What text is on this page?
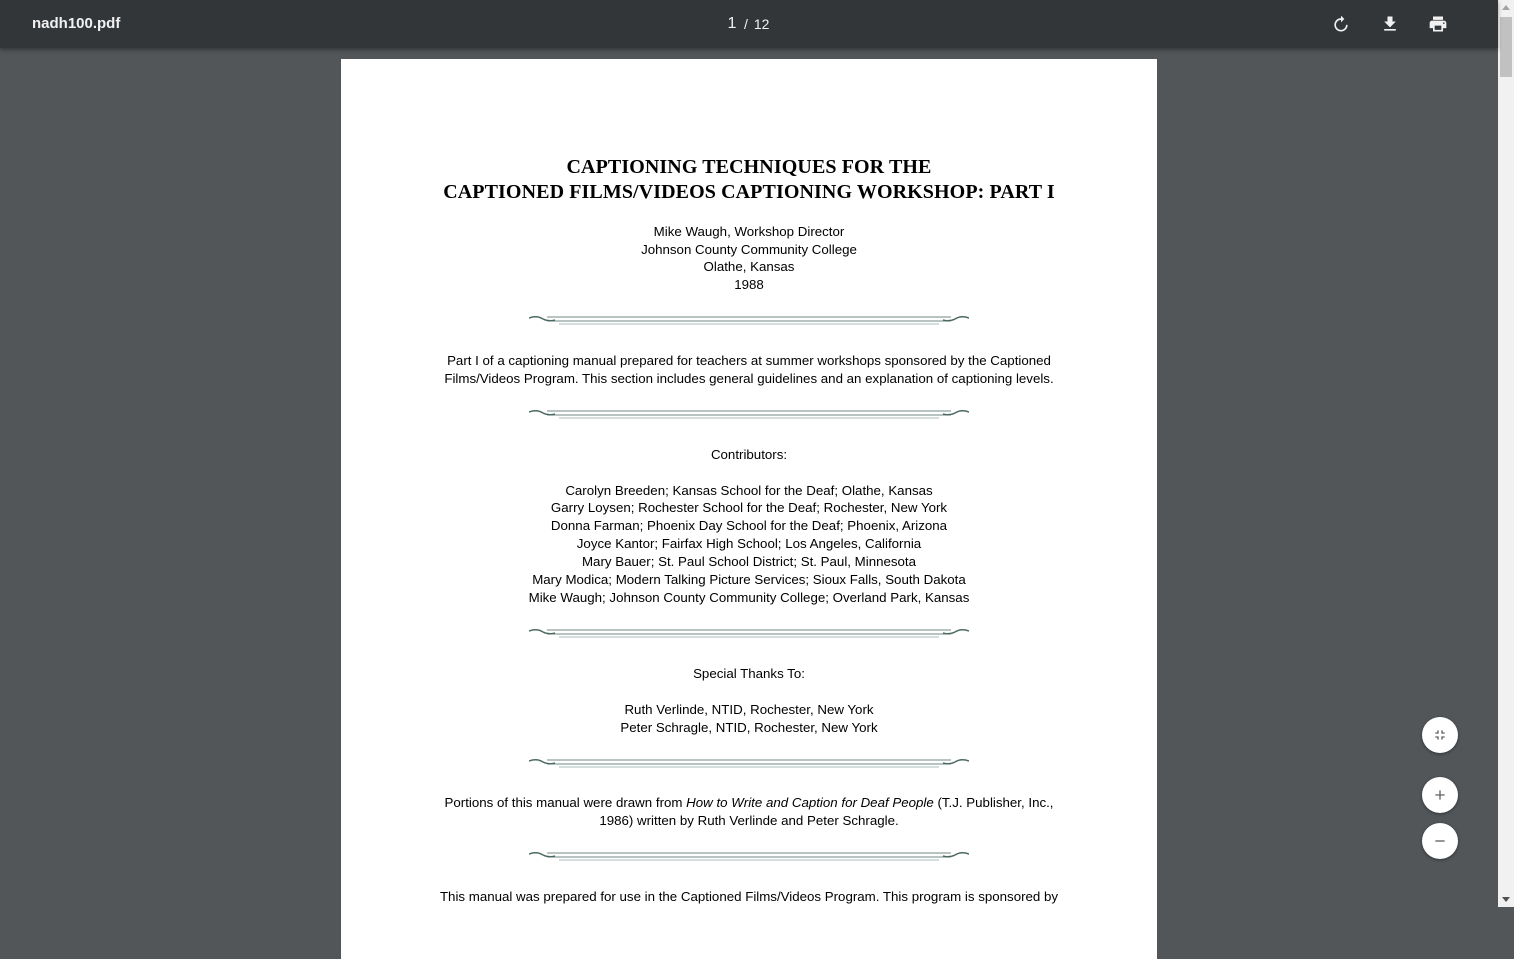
nadh100.pdf	1 / 12
CAPTIONING TECHNIQUES FOR THE
CAPTIONED FILMS/VIDEOS CAPTIONING WORKSHOP: PART I
Mike Waugh, Workshop Director
Johnson County Community College
Olathe, Kansas
1988
Part I of a captioning manual prepared for teachers at summer workshops sponsored by the Captioned
Films/Videos Program. This section includes general guidelines and an explanation of captioning levels.
Contributors:
Carolyn Breeden; Kansas School for the Deaf; Olathe, Kansas
Garry Loysen; Rochester School for the Deaf; Rochester, New York
Donna Farman; Phoenix Day School for the Deaf; Phoenix, Arizona
Joyce Kantor; Fairfax High School; Los Angeles, California
Mary Bauer; St. Paul School District; St. Paul, Minnesota
Mary Modica; Modern Talking Picture Services; Sioux Falls, South Dakota
Mike Waugh; Johnson County Community College; Overland Park, Kansas
Special Thanks To:
Ruth Verlinde, NTID, Rochester, New York
Peter Schragle, NTID, Rochester, New York
Portions of this manual were drawn from How to Write and Caption for Deaf People (T.J. Publisher, Inc.,
1986) written by Ruth Verlinde and Peter Schragle.
This manual was prepared for use in the Captioned Films/Videos Program. This program is sponsored by
